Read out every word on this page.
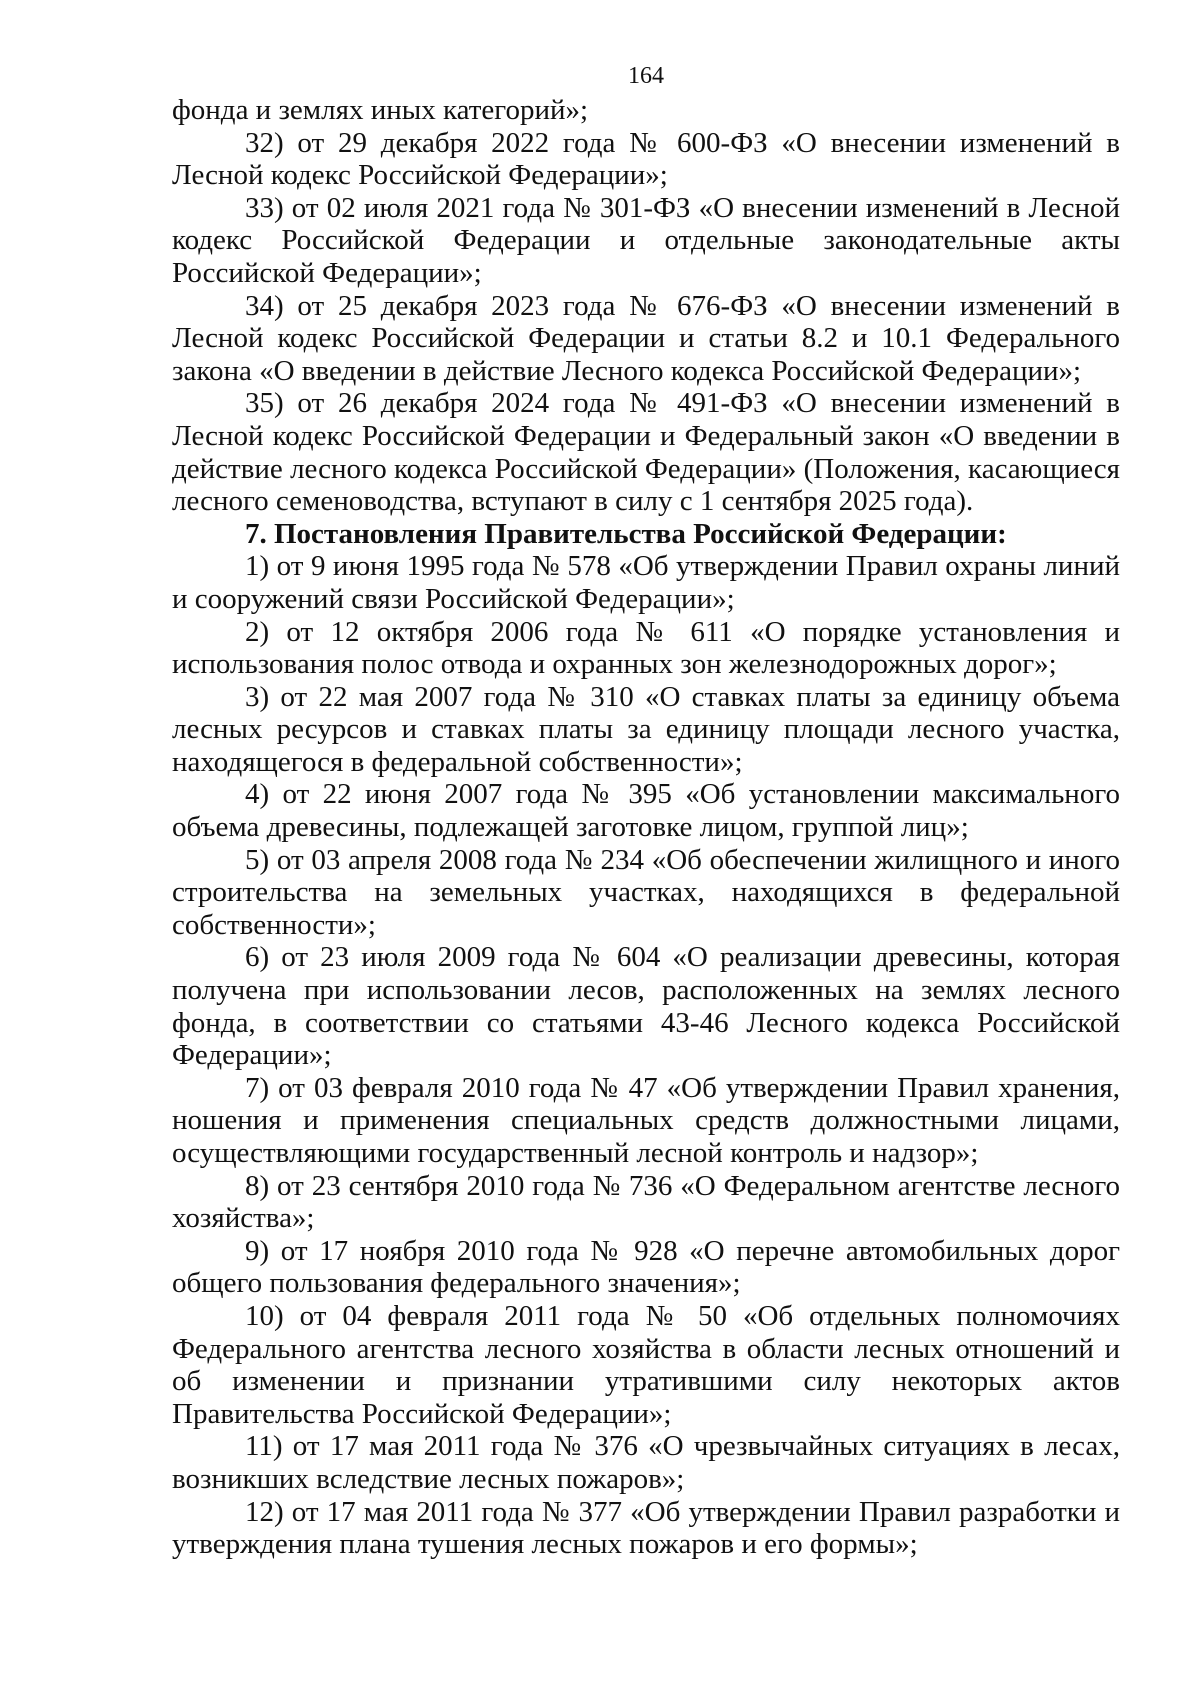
164

фонда и землях иных категорий»;

32) от 29 декабря 2022 года № 600-ФЗ «О внесении изменений в Лесной кодекс Российской Федерации»;

33) от 02 июля 2021 года № 301-ФЗ «О внесении изменений в Лесной кодекс Российской Федерации и отдельные законодательные акты Российской Федерации»;

34) от 25 декабря 2023 года № 676-ФЗ «О внесении изменений в Лесной кодекс Российской Федерации и статьи 8.2 и 10.1 Федерального закона «О введении в действие Лесного кодекса Российской Федерации»;

35) от 26 декабря 2024 года № 491-ФЗ «О внесении изменений в Лесной кодекс Российской Федерации и Федеральный закон «О введении в действие лесного кодекса Российской Федерации» (Положения, касающиеся лесного семеноводства, вступают в силу с 1 сентября 2025 года).

7. Постановления Правительства Российской Федерации:

1) от 9 июня 1995 года № 578 «Об утверждении Правил охраны линий и сооружений связи Российской Федерации»;

2) от 12 октября 2006 года № 611 «О порядке установления и использования полос отвода и охранных зон железнодорожных дорог»;

3) от 22 мая 2007 года № 310 «О ставках платы за единицу объема лесных ресурсов и ставках платы за единицу площади лесного участка, находящегося в федеральной собственности»;

4) от 22 июня 2007 года № 395 «Об установлении максимального объема древесины, подлежащей заготовке лицом, группой лиц»;

5) от 03 апреля 2008 года № 234 «Об обеспечении жилищного и иного строительства на земельных участках, находящихся в федеральной собственности»;

6) от 23 июля 2009 года № 604 «О реализации древесины, которая получена при использовании лесов, расположенных на землях лесного фонда, в соответствии со статьями 43-46 Лесного кодекса Российской Федерации»;

7) от 03 февраля 2010 года № 47 «Об утверждении Правил хранения, ношения и применения специальных средств должностными лицами, осуществляющими государственный лесной контроль и надзор»;

8) от 23 сентября 2010 года № 736 «О Федеральном агентстве лесного хозяйства»;

9) от 17 ноября 2010 года № 928 «О перечне автомобильных дорог общего пользования федерального значения»;

10) от 04 февраля 2011 года № 50 «Об отдельных полномочиях Федерального агентства лесного хозяйства в области лесных отношений и об изменении и признании утратившими силу некоторых актов Правительства Российской Федерации»;

11) от 17 мая 2011 года № 376 «О чрезвычайных ситуациях в лесах, возникших вследствие лесных пожаров»;

12) от 17 мая 2011 года № 377 «Об утверждении Правил разработки и утверждения плана тушения лесных пожаров и его формы»;
